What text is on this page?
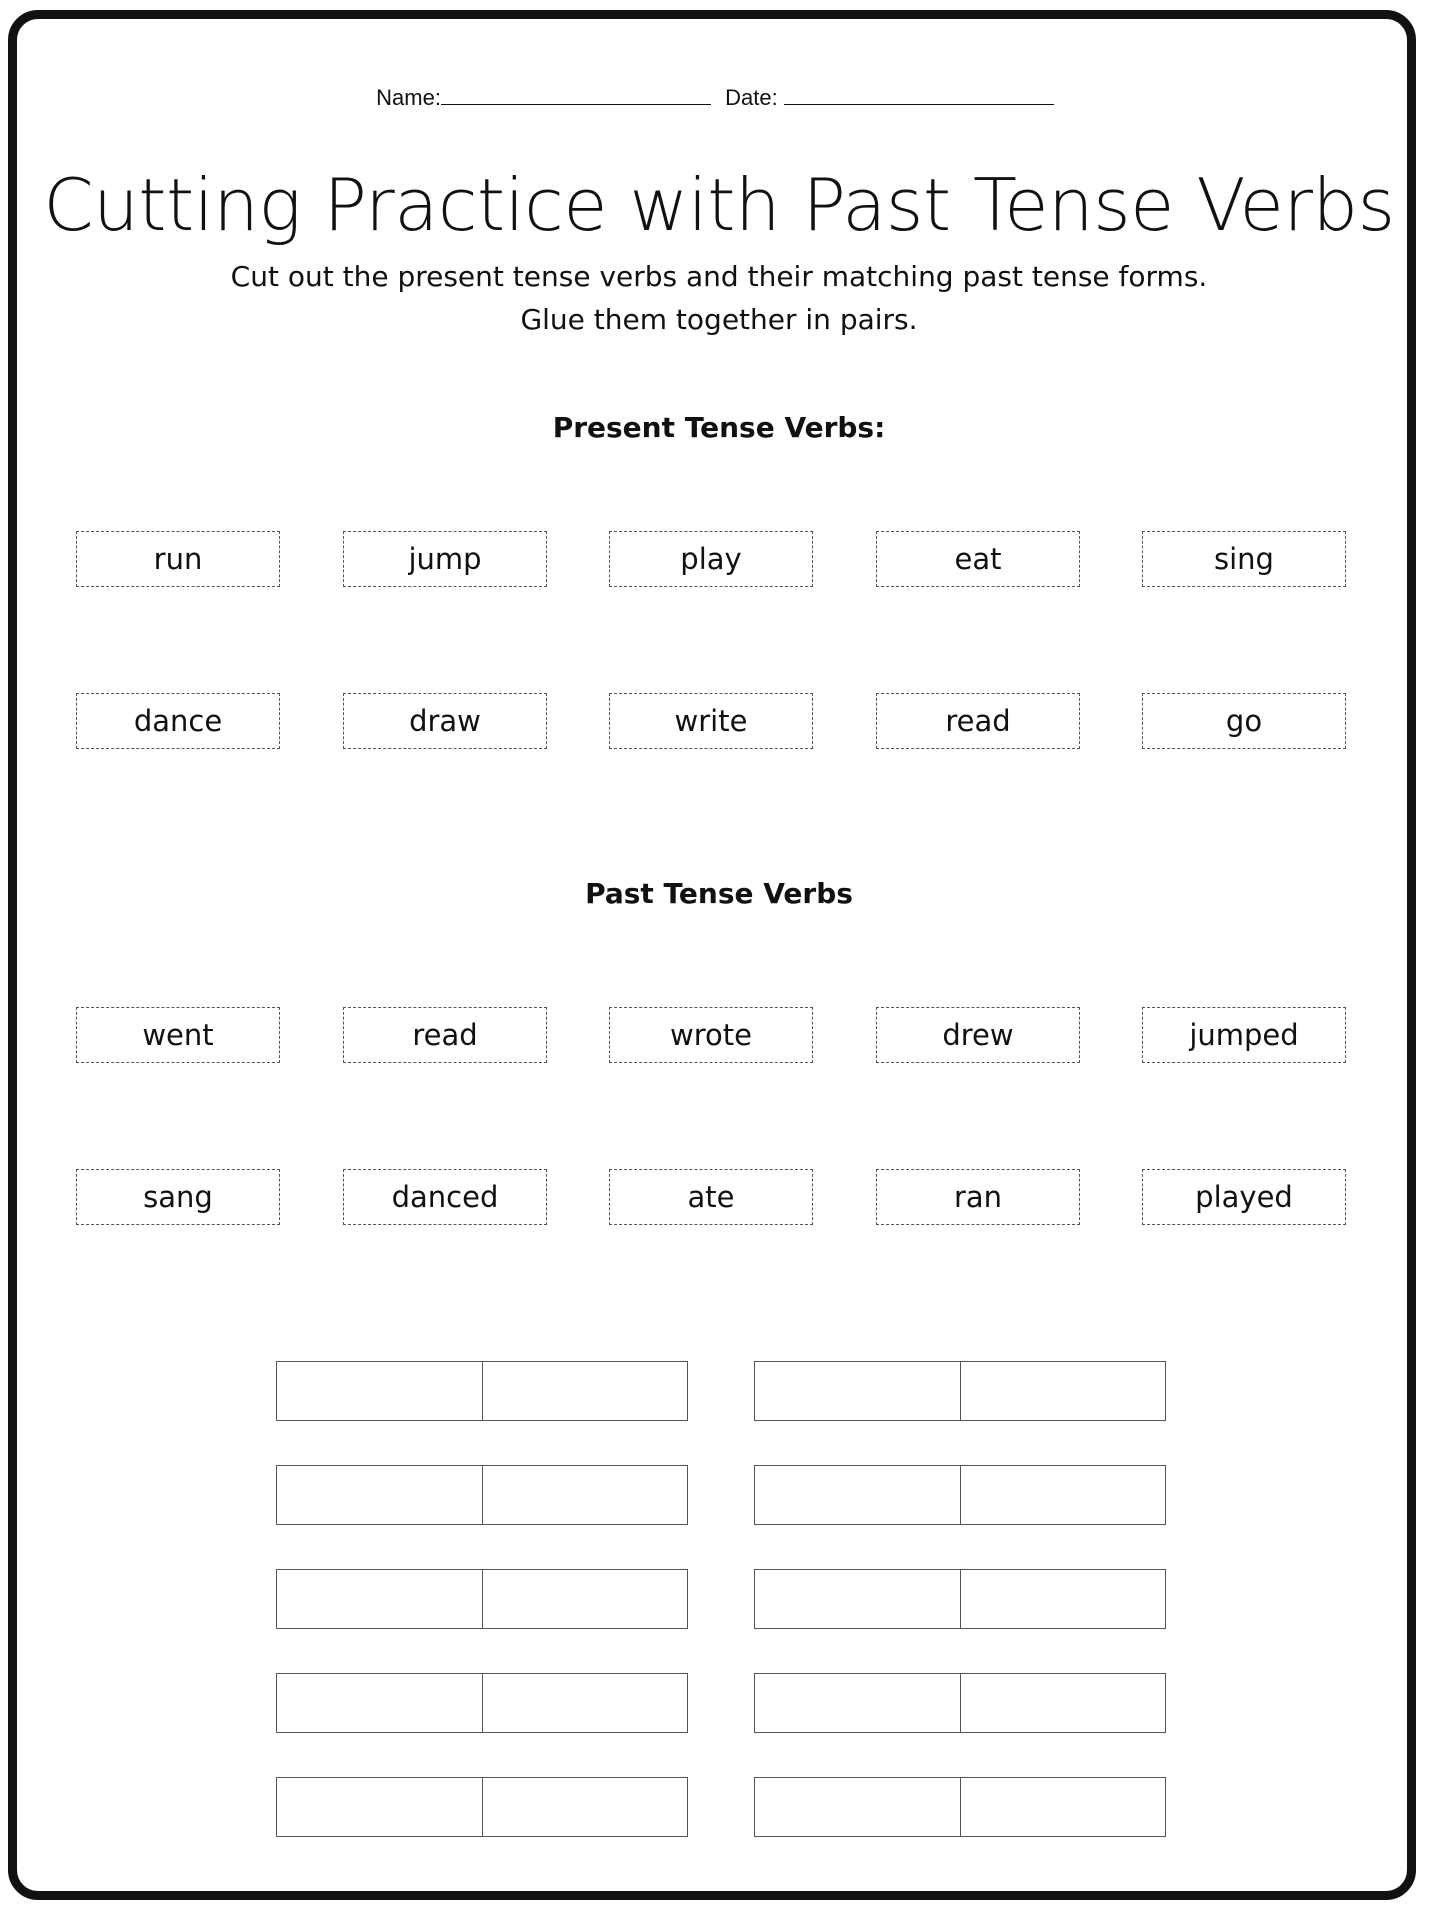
Name:	Date:
Cutting Practice with Past Tense Verbs
Cut out the present tense verbs and their matching past tense forms.
Glue them together in pairs.
Present Tense Verbs:
run	jump	play	eat	sing
dance	draw	write	read	go
Past Tense Verbs
went	read	wrote	drew	jumped
sang	danced	ate	ran	played
